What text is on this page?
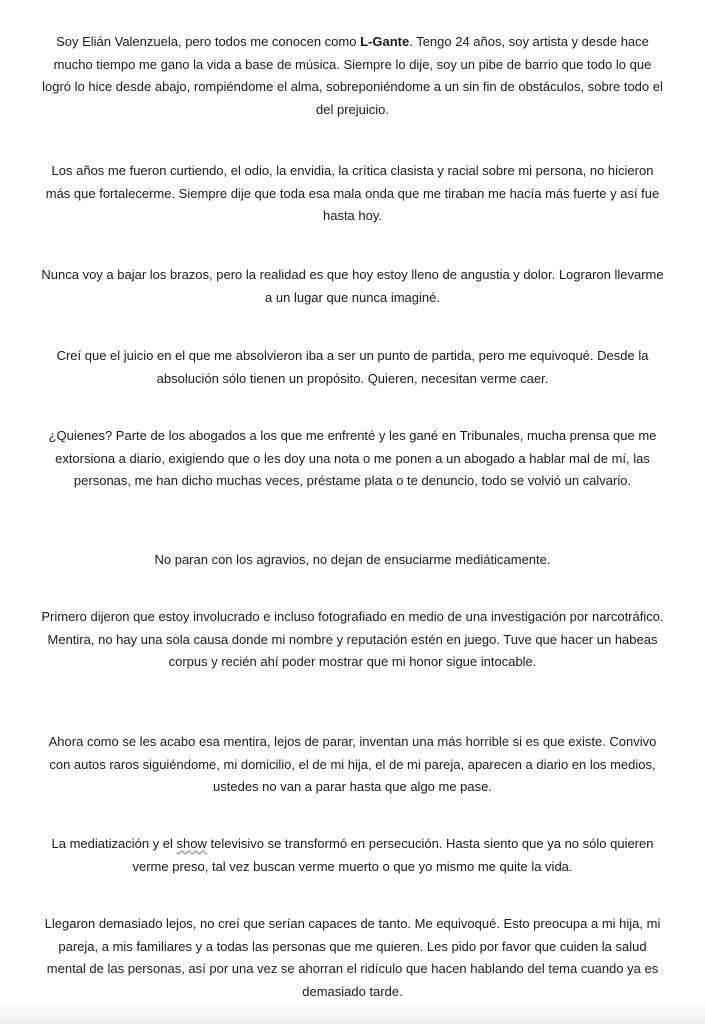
Soy Elián Valenzuela, pero todos me conocen como L-Gante. Tengo 24 años, soy artista y desde hace mucho tiempo me gano la vida a base de música. Siempre lo dije, soy un pibe de barrio que todo lo que logró lo hice desde abajo, rompiéndome el alma, sobreponiéndome a un sin fin de obstáculos, sobre todo el del prejuicio.

Los años me fueron curtiendo, el odio, la envidia, la crítica clasista y racial sobre mi persona, no hicieron más que fortalecerme. Siempre dije que toda esa mala onda que me tiraban me hacía más fuerte y así fue hasta hoy.

Nunca voy a bajar los brazos, pero la realidad es que hoy estoy lleno de angustia y dolor. Lograron llevarme a un lugar que nunca imaginé.

Creí que el juicio en el que me absolvieron iba a ser un punto de partida, pero me equivoqué. Desde la absolución sólo tienen un propósito. Quieren, necesitan verme caer.

¿Quienes? Parte de los abogados a los que me enfrenté y les gané en Tribunales, mucha prensa que me extorsiona a diario, exigiendo que o les doy una nota o me ponen a un abogado a hablar mal de mí, las personas, me han dicho muchas veces, préstame plata o te denuncio, todo se volvió un calvario.

No paran con los agravios, no dejan de ensuciarme mediáticamente.

Primero dijeron que estoy involucrado e incluso fotografiado en medio de una investigación por narcotráfico. Mentira, no hay una sola causa donde mi nombre y reputación estén en juego. Tuve que hacer un habeas corpus y recién ahí poder mostrar que mi honor sigue intocable.

Ahora como se les acabo esa mentira, lejos de parar, inventan una más horrible si es que existe. Convivo con autos raros siguiéndome, mi domicilio, el de mi hija, el de mi pareja, aparecen a diario en los medios, ustedes no van a parar hasta que algo me pase.

La mediatización y el show televisivo se transformó en persecución. Hasta siento que ya no sólo quieren verme preso, tal vez buscan verme muerto o que yo mismo me quite la vida.

Llegaron demasiado lejos, no creí que serían capaces de tanto. Me equivoqué. Esto preocupa a mi hija, mi pareja, a mis familiares y a todas las personas que me quieren. Les pido por favor que cuiden la salud mental de las personas, así por una vez se ahorran el ridículo que hacen hablando del tema cuando ya es demasiado tarde.
